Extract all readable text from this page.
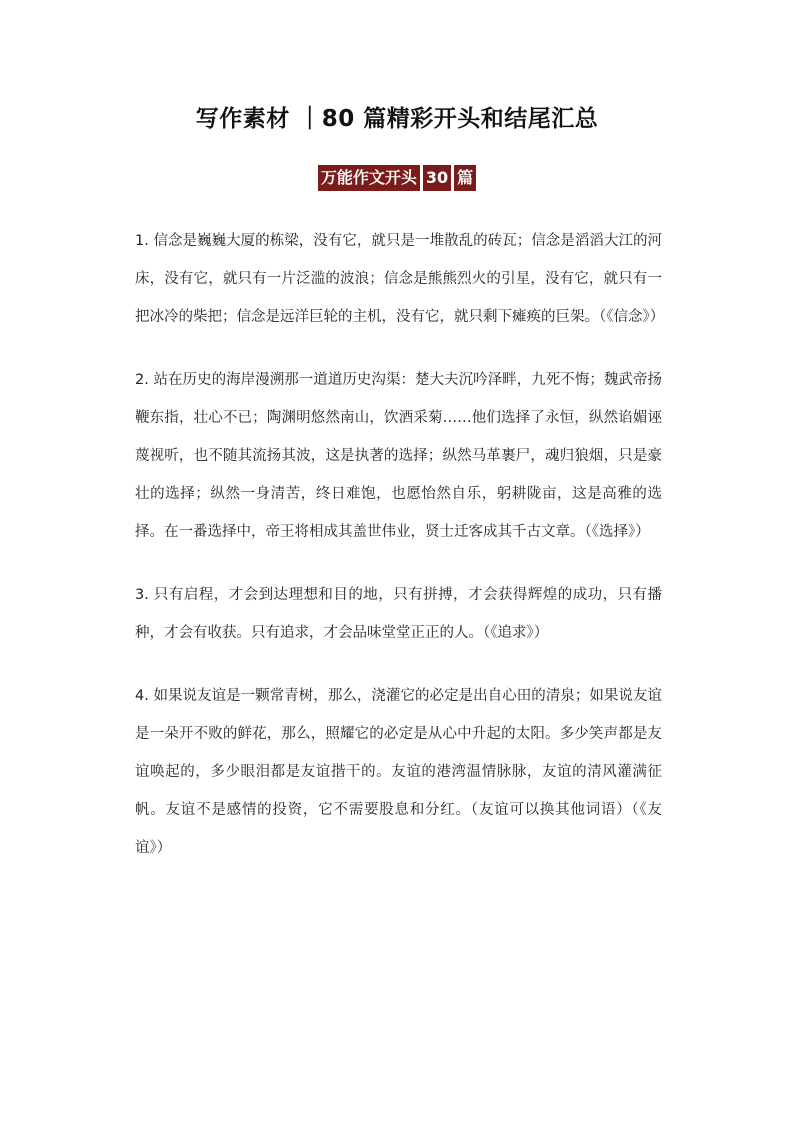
写作素材 ｜80 篇精彩开头和结尾汇总
万能作文开头 30 篇

1. 信念是巍巍大厦的栋梁，没有它，就只是一堆散乱的砖瓦；信念是滔滔大江的河床，没有它，就只有一片泛滥的波浪；信念是熊熊烈火的引星，没有它，就只有一把冰冷的柴把；信念是远洋巨轮的主机，没有它，就只剩下瘫痪的巨架。（《信念》）

2. 站在历史的海岸漫溯那一道道历史沟渠：楚大夫沉吟泽畔，九死不悔；魏武帝扬鞭东指，壮心不已；陶渊明悠然南山，饮酒采菊……他们选择了永恒，纵然谄媚诬蔑视听，也不随其流扬其波，这是执著的选择；纵然马革裹尸，魂归狼烟，只是豪壮的选择；纵然一身清苦，终日难饱，也愿怡然自乐，躬耕陇亩，这是高雅的选择。在一番选择中，帝王将相成其盖世伟业，贤士迁客成其千古文章。（《选择》）

3. 只有启程，才会到达理想和目的地，只有拼搏，才会获得辉煌的成功，只有播种，才会有收获。只有追求，才会品味堂堂正正的人。（《追求》）

4. 如果说友谊是一颗常青树，那么，浇灌它的必定是出自心田的清泉；如果说友谊是一朵开不败的鲜花，那么，照耀它的必定是从心中升起的太阳。多少笑声都是友谊唤起的，多少眼泪都是友谊揩干的。友谊的港湾温情脉脉，友谊的清风灌满征帆。友谊不是感情的投资，它不需要股息和分红。（友谊可以换其他词语）（《友谊》）
